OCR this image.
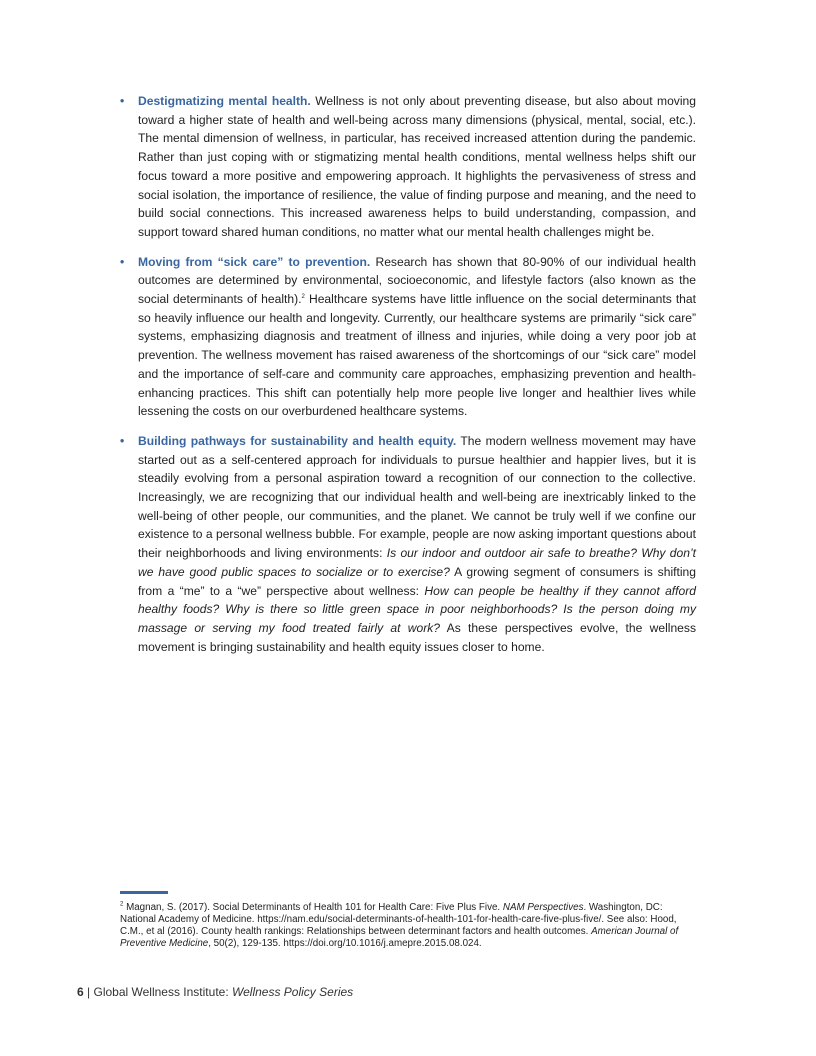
• Destigmatizing mental health. Wellness is not only about preventing disease, but also about moving toward a higher state of health and well-being across many dimensions (physical, mental, social, etc.). The mental dimension of wellness, in particular, has received increased attention during the pandemic. Rather than just coping with or stigmatizing mental health conditions, mental wellness helps shift our focus toward a more positive and empowering approach. It highlights the pervasiveness of stress and social isolation, the importance of resilience, the value of finding purpose and meaning, and the need to build social connections. This increased awareness helps to build understanding, compassion, and support toward shared human conditions, no matter what our mental health challenges might be.
• Moving from “sick care” to prevention. Research has shown that 80-90% of our individual health outcomes are determined by environmental, socioeconomic, and lifestyle factors (also known as the social determinants of health).$^2$ Healthcare systems have little influence on the social determinants that so heavily influence our health and longevity. Currently, our healthcare systems are primarily “sick care” systems, emphasizing diagnosis and treatment of illness and injuries, while doing a very poor job at prevention. The wellness movement has raised awareness of the shortcomings of our “sick care” model and the importance of self-care and community care approaches, emphasizing prevention and health-enhancing practices. This shift can potentially help more people live longer and healthier lives while lessening the costs on our overburdened healthcare systems.
• Building pathways for sustainability and health equity. The modern wellness movement may have started out as a self-centered approach for individuals to pursue healthier and happier lives, but it is steadily evolving from a personal aspiration toward a recognition of our connection to the collective. Increasingly, we are recognizing that our individual health and well-being are inextricably linked to the well-being of other people, our communities, and the planet. We cannot be truly well if we confine our existence to a personal wellness bubble. For example, people are now asking important questions about their neighborhoods and living environments: Is our indoor and outdoor air safe to breathe? Why don’t we have good public spaces to socialize or to exercise? A growing segment of consumers is shifting from a “me” to a “we” perspective about wellness: How can people be healthy if they cannot afford healthy foods? Why is there so little green space in poor neighborhoods? Is the person doing my massage or serving my food treated fairly at work? As these perspectives evolve, the wellness movement is bringing sustainability and health equity issues closer to home.
$^2$ Magnan, S. (2017). Social Determinants of Health 101 for Health Care: Five Plus Five. NAM Perspectives. Washington, DC: National Academy of Medicine. https://nam.edu/social-determinants-of-health-101-for-health-care-five-plus-five/. See also: Hood, C.M., et al (2016). County health rankings: Relationships between determinant factors and health outcomes. American Journal of Preventive Medicine, 50(2), 129-135. https://doi.org/10.1016/j.amepre.2015.08.024.
6 | Global Wellness Institute: Wellness Policy Series
